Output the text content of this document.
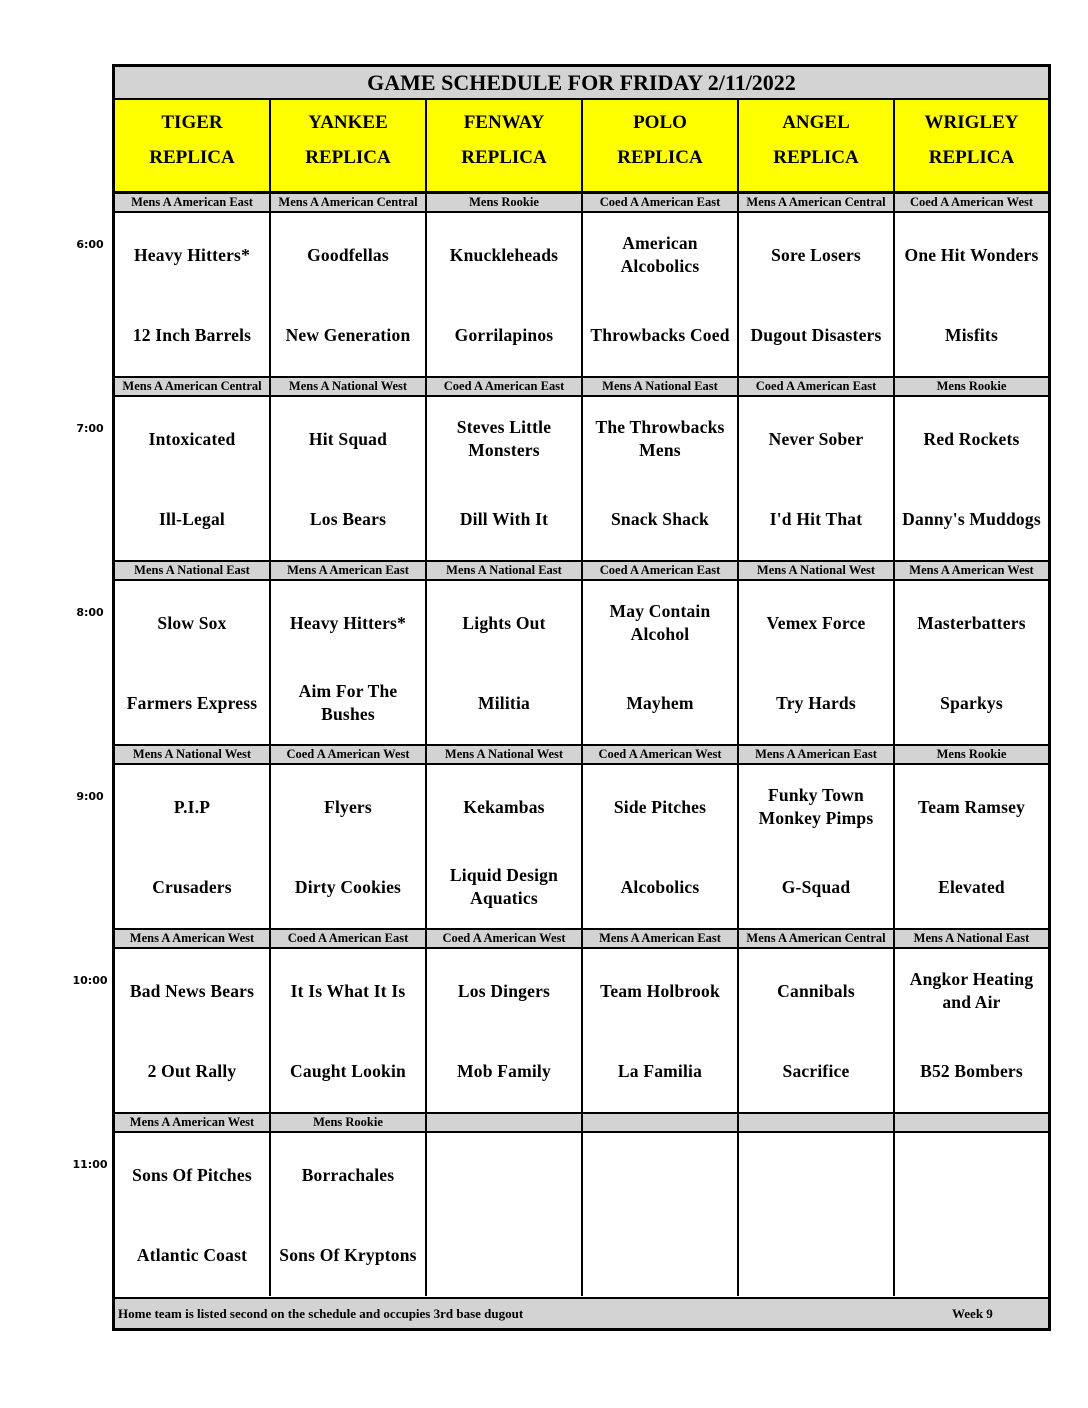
GAME SCHEDULE FOR FRIDAY 2/11/2022
TIGER
REPLICA
YANKEE
REPLICA
FENWAY
REPLICA
POLO
REPLICA
ANGEL
REPLICA
WRIGLEY
REPLICA
Mens A American East
Heavy Hitters*
12 Inch Barrels
Mens A American Central
Goodfellas
New Generation
Mens Rookie
Knuckleheads
Gorrilapinos
Coed A American East
American Alcobolics
Throwbacks Coed
Mens A American Central
Sore Losers
Dugout Disasters
Coed A American West
One Hit Wonders
Misfits
Mens A American Central
Intoxicated
Ill-Legal
Mens A National West
Hit Squad
Los Bears
Coed A American East
Steves Little Monsters
Dill With It
Mens A National East
The Throwbacks Mens
Snack Shack
Coed A American East
Never Sober
I'd Hit That
Mens Rookie
Red Rockets
Danny's Muddogs
Mens A National East
Slow Sox
Farmers Express
Mens A American East
Heavy Hitters*
Aim For The Bushes
Mens A National East
Lights Out
Militia
Coed A American East
May Contain Alcohol
Mayhem
Mens A National West
Vemex Force
Try Hards
Mens A American West
Masterbatters
Sparkys
Mens A National West
P.I.P
Crusaders
Coed A American West
Flyers
Dirty Cookies
Mens A National West
Kekambas
Liquid Design Aquatics
Coed A American West
Side Pitches
Alcobolics
Mens A American East
Funky Town Monkey Pimps
G-Squad
Mens Rookie
Team Ramsey
Elevated
Mens A American West
Bad News Bears
2 Out Rally
Coed A American East
It Is What It Is
Caught Lookin
Coed A American West
Los Dingers
Mob Family
Mens A American East
Team Holbrook
La Familia
Mens A American Central
Cannibals
Sacrifice
Mens A National East
Angkor Heating and Air
B52 Bombers
Mens A American West
Sons Of Pitches
Atlantic Coast
Mens Rookie
Borrachales
Sons Of Kryptons
Home team is listed second on the schedule and occupies 3rd base dugout	Week 9
6:00
7:00
8:00
9:00
10:00
11:00
